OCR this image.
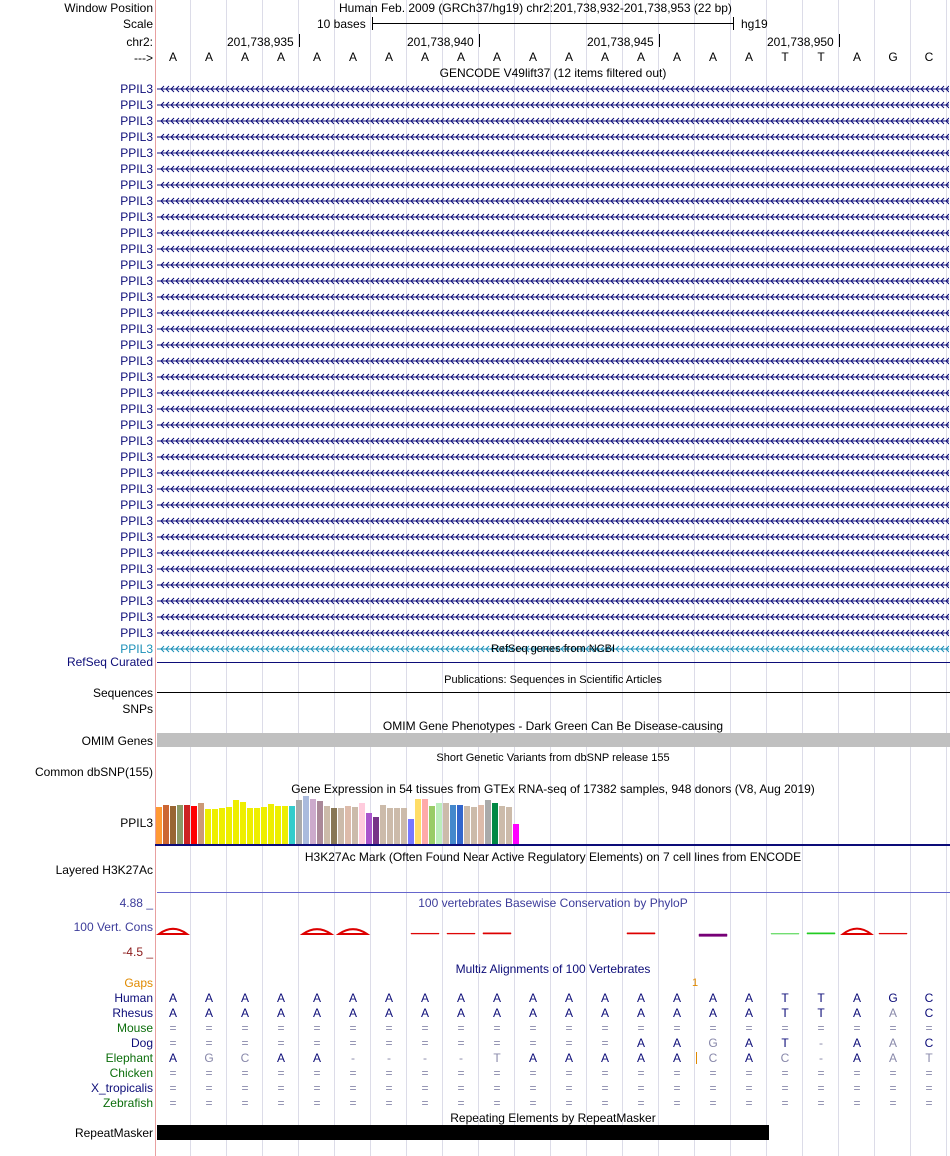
Window Position	Human Feb. 2009 (GRCh37/hg19) chr2:201,738,932-201,738,953 (22 bp)
Scale	10 bases	hg19
chr2:	201,738,935	201,738,940	201,738,945	201,738,950
--->	A	A	A	A	A	A	A	A	A	A	A	A	A	A	A	A	A	T	T	A	G	C
GENCODE V49lift37 (12 items filtered out)
PPIL3
PPIL3
PPIL3
PPIL3
PPIL3
PPIL3
PPIL3
PPIL3
PPIL3
PPIL3
PPIL3
PPIL3
PPIL3
PPIL3
PPIL3
PPIL3
PPIL3
PPIL3
PPIL3
PPIL3
PPIL3
PPIL3
PPIL3
PPIL3
PPIL3
PPIL3
PPIL3
PPIL3
PPIL3
PPIL3
PPIL3
PPIL3
PPIL3
PPIL3
PPIL3
PPIL3	RefSeq genes from NCBI
RefSeq Curated
Publications: Sequences in Scientific Articles
Sequences
SNPs
OMIM Gene Phenotypes - Dark Green Can Be Disease-causing
OMIM Genes
Short Genetic Variants from dbSNP release 155
Common dbSNP(155)
Gene Expression in 54 tissues from GTEx RNA-seq of 17382 samples, 948 donors (V8, Aug 2019)
PPIL3
H3K27Ac Mark (Often Found Near Active Regulatory Elements) on 7 cell lines from ENCODE
Layered H3K27Ac
100 vertebrates Basewise Conservation by PhyloP
4.88 _
100 Vert. Cons
-4.5 _
Multiz Alignments of 100 Vertebrates
Gaps	1
Human	A	A	A	A	A	A	A	A	A	A	A	A	A	A	A	A	A	T	T	A	G	C
Rhesus	A	A	A	A	A	A	A	A	A	A	A	A	A	A	A	A	A	T	T	A	A	C
Mouse	=	=	=	=	=	=	=	=	=	=	=	=	=	=	=	=	=	=	=	=	=	=
Dog	=	=	=	=	=	=	=	=	=	=	=	=	=	A	A	G	A	T	-	A	A	C
Elephant	A	G	C	A	A	-	-	-	-	T	A	A	A	A	A	C	A	C	-	A	A	T
Chicken	=	=	=	=	=	=	=	=	=	=	=	=	=	=	=	=	=	=	=	=	=	=
X_tropicalis	=	=	=	=	=	=	=	=	=	=	=	=	=	=	=	=	=	=	=	=	=	=
Zebrafish	=	=	=	=	=	=	=	=	=	=	=	=	=	=	=	=	=	=	=	=	=	=
Repeating Elements by RepeatMasker
RepeatMasker
